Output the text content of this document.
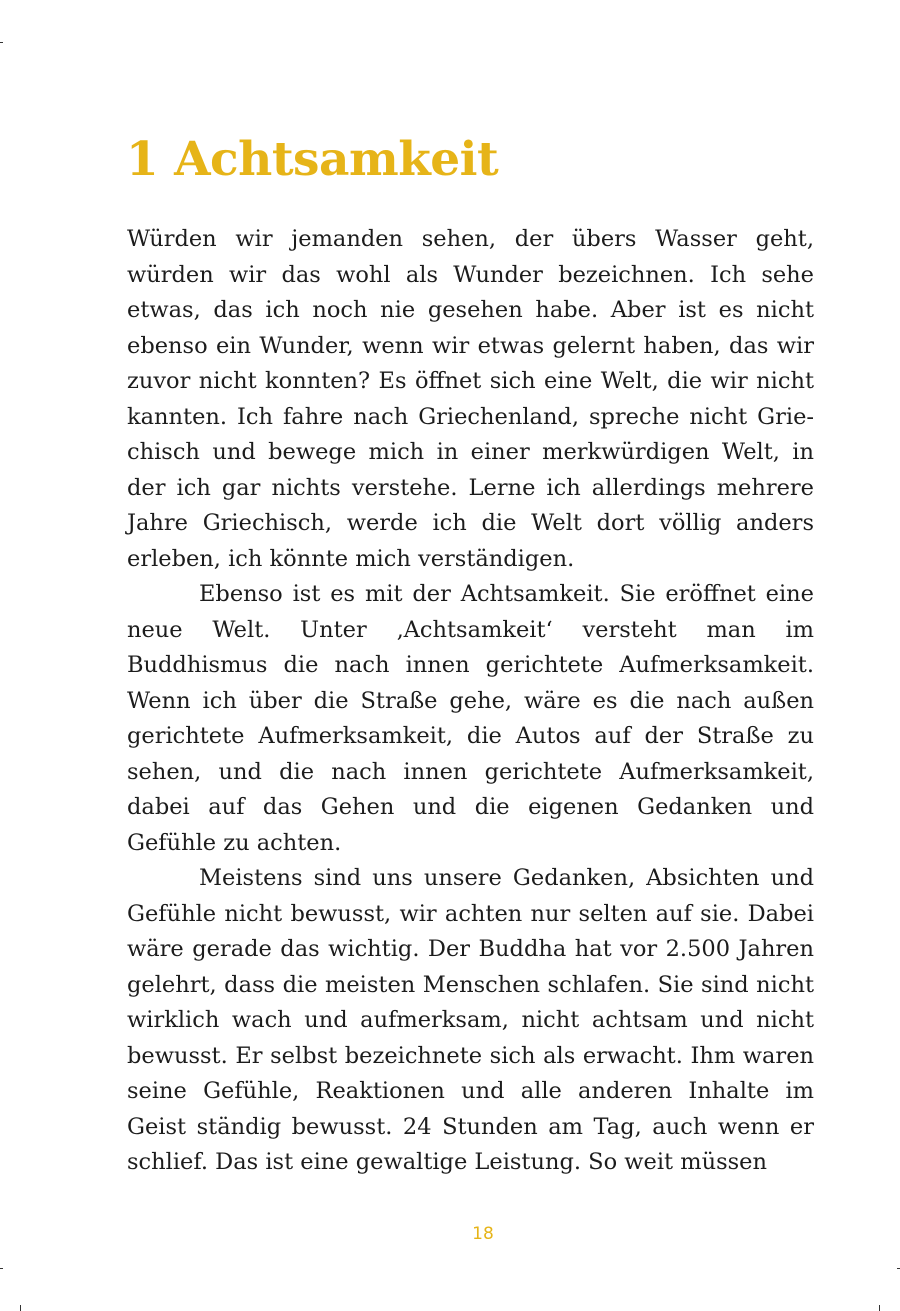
1 Achtsamkeit

Würden wir jemanden sehen, der übers Wasser geht, würden wir das wohl als Wunder bezeichnen. Ich sehe etwas, das ich noch nie gesehen habe. Aber ist es nicht ebenso ein Wunder, wenn wir etwas gelernt haben, das wir zuvor nicht konnten? Es öffnet sich eine Welt, die wir nicht kannten. Ich fahre nach Griechenland, spreche nicht Griechisch und bewege mich in einer merkwürdigen Welt, in der ich gar nichts verstehe. Lerne ich allerdings mehrere Jahre Griechisch, werde ich die Welt dort völlig anders erleben, ich könnte mich verständigen.

Ebenso ist es mit der Achtsamkeit. Sie eröffnet eine neue Welt. Unter ‚Achtsamkeit‘ versteht man im Buddhismus die nach innen gerichtete Aufmerksamkeit. Wenn ich über die Straße gehe, wäre es die nach außen gerichtete Aufmerksamkeit, die Autos auf der Straße zu sehen, und die nach innen gerichtete Aufmerksamkeit, dabei auf das Gehen und die eigenen Gedanken und Gefühle zu achten.

Meistens sind uns unsere Gedanken, Absichten und Gefühle nicht bewusst, wir achten nur selten auf sie. Dabei wäre gerade das wichtig. Der Buddha hat vor 2.500 Jahren gelehrt, dass die meisten Menschen schlafen. Sie sind nicht wirklich wach und aufmerksam, nicht achtsam und nicht bewusst. Er selbst bezeichnete sich als erwacht. Ihm waren seine Gefühle, Reaktionen und alle anderen Inhalte im Geist ständig bewusst. 24 Stunden am Tag, auch wenn er schlief. Das ist eine gewaltige Leistung. So weit müssen

18
